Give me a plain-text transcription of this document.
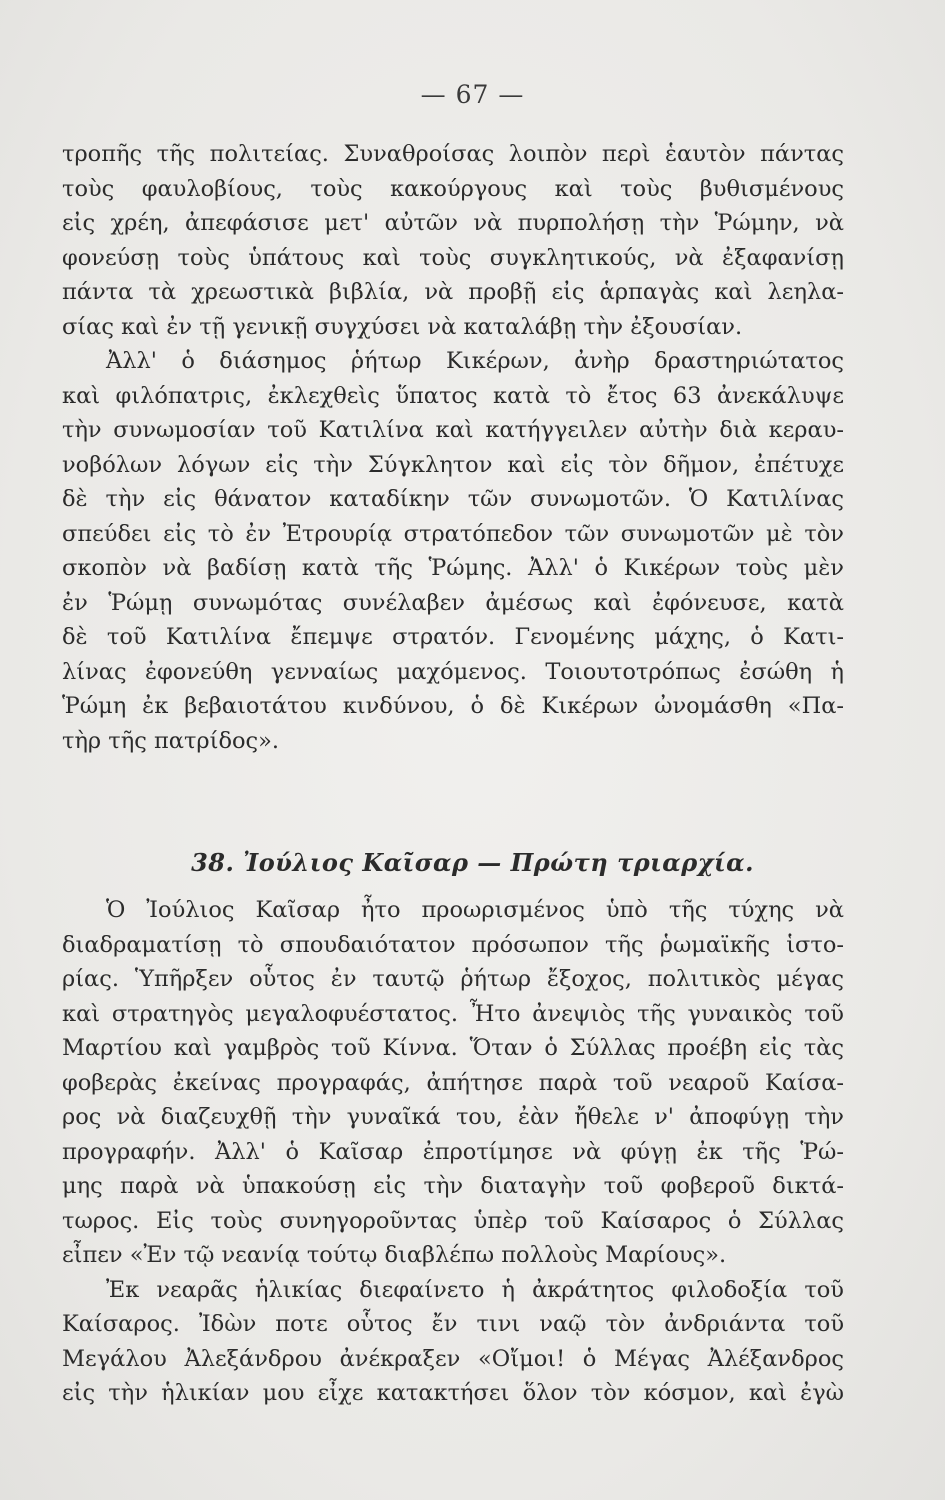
— 67 —
τροπῆς τῆς πολιτείας. Συναθροίσας λοιπὸν περὶ ἑαυτὸν πάντας
τοὺς φαυλοβίους, τοὺς κακούργους καὶ τοὺς βυθισμένους
εἰς χρέη, ἀπεφάσισε μετ' αὐτῶν νὰ πυρπολήσῃ τὴν Ῥώμην, νὰ
φονεύσῃ τοὺς ὑπάτους καὶ τοὺς συγκλητικούς, νὰ ἐξαφανίσῃ
πάντα τὰ χρεωστικὰ βιβλία, νὰ προβῇ εἰς ἁρπαγὰς καὶ λεηλα-
σίας καὶ ἐν τῇ γενικῇ συγχύσει νὰ καταλάβῃ τὴν ἐξουσίαν.
Ἀλλ' ὁ διάσημος ῥήτωρ Κικέρων, ἀνὴρ δραστηριώτατος
καὶ φιλόπατρις, ἐκλεχθεὶς ὕπατος κατὰ τὸ ἔτος 63 ἀνεκάλυψε
τὴν συνωμοσίαν τοῦ Κατιλίνα καὶ κατήγγειλεν αὐτὴν διὰ κεραυ-
νοβόλων λόγων εἰς τὴν Σύγκλητον καὶ εἰς τὸν δῆμον, ἐπέτυχε
δὲ τὴν εἰς θάνατον καταδίκην τῶν συνωμοτῶν. Ὁ Κατιλίνας
σπεύδει εἰς τὸ ἐν Ἐτρουρίᾳ στρατόπεδον τῶν συνωμοτῶν μὲ τὸν
σκοπὸν νὰ βαδίσῃ κατὰ τῆς Ῥώμης. Ἀλλ' ὁ Κικέρων τοὺς μὲν
ἐν Ῥώμῃ συνωμότας συνέλαβεν ἀμέσως καὶ ἐφόνευσε, κατὰ
δὲ τοῦ Κατιλίνα ἔπεμψε στρατόν. Γενομένης μάχης, ὁ Κατι-
λίνας ἐφονεύθη γενναίως μαχόμενος. Τοιουτοτρόπως ἐσώθη ἡ
Ῥώμη ἐκ βεβαιοτάτου κινδύνου, ὁ δὲ Κικέρων ὠνομάσθη «Πα-
τὴρ τῆς πατρίδος».
38. Ἰούλιος Καῖσαρ — Πρώτη τριαρχία.
Ὁ Ἰούλιος Καῖσαρ ἦτο προωρισμένος ὑπὸ τῆς τύχης νὰ
διαδραματίσῃ τὸ σπουδαιότατον πρόσωπον τῆς ῥωμαϊκῆς ἱστο-
ρίας. Ὑπῆρξεν οὗτος ἐν ταυτῷ ῥήτωρ ἔξοχος, πολιτικὸς μέγας
καὶ στρατηγὸς μεγαλοφυέστατος. Ἦτο ἀνεψιὸς τῆς γυναικὸς τοῦ
Μαρτίου καὶ γαμβρὸς τοῦ Κίννα. Ὅταν ὁ Σύλλας προέβη εἰς τὰς
φοβερὰς ἐκείνας προγραφάς, ἀπήτησε παρὰ τοῦ νεαροῦ Καίσα-
ρος νὰ διαζευχθῇ τὴν γυναῖκά του, ἐὰν ἤθελε ν' ἀποφύγῃ τὴν
προγραφήν. Ἀλλ' ὁ Καῖσαρ ἐπροτίμησε νὰ φύγῃ ἐκ τῆς Ῥώ-
μης παρὰ νὰ ὑπακούσῃ εἰς τὴν διαταγὴν τοῦ φοβεροῦ δικτά-
τωρος. Εἰς τοὺς συνηγοροῦντας ὑπὲρ τοῦ Καίσαρος ὁ Σύλλας
εἶπεν «Ἐν τῷ νεανίᾳ τούτῳ διαβλέπω πολλοὺς Μαρίους».
Ἐκ νεαρᾶς ἡλικίας διεφαίνετο ἡ ἀκράτητος φιλοδοξία τοῦ
Καίσαρος. Ἰδὼν ποτε οὗτος ἔν τινι ναῷ τὸν ἀνδριάντα τοῦ
Μεγάλου Ἀλεξάνδρου ἀνέκραξεν «Οἴμοι! ὁ Μέγας Ἀλέξανδρος
εἰς τὴν ἡλικίαν μου εἶχε κατακτήσει ὅλον τὸν κόσμον, καὶ ἐγὼ
